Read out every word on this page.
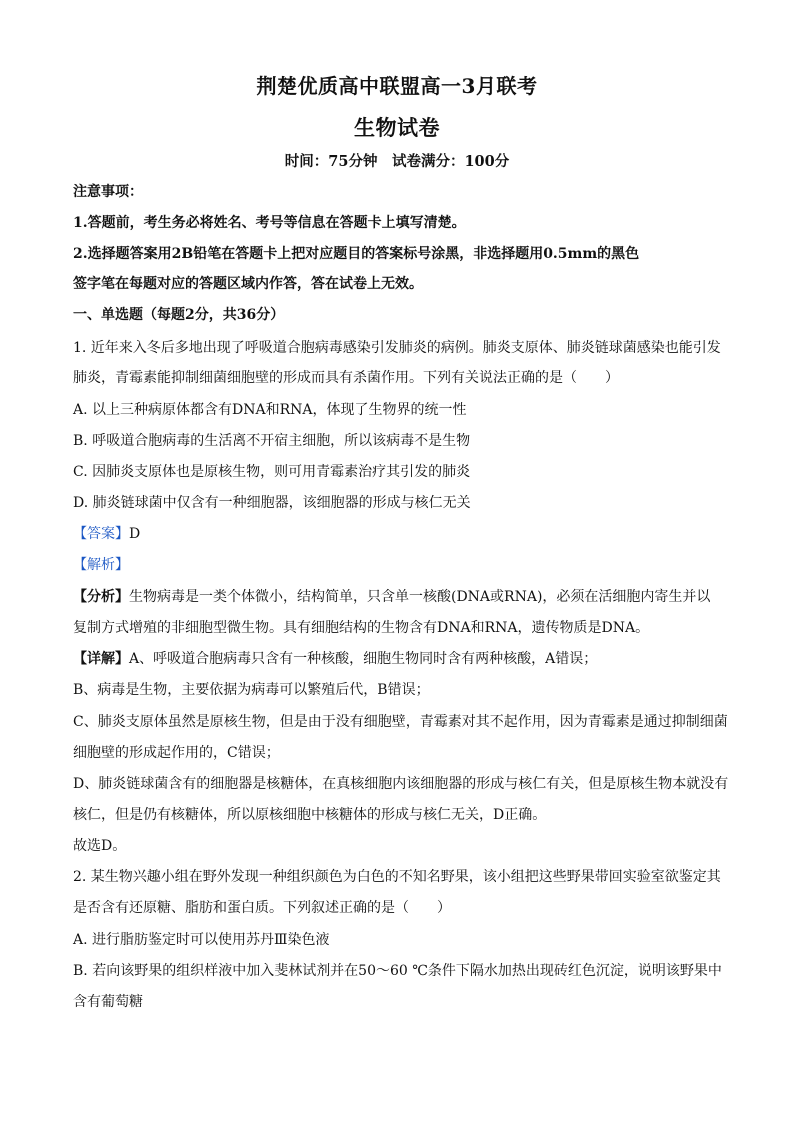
荆楚优质高中联盟高一3月联考
生物试卷
时间：75分钟　试卷满分：100分
注意事项：
1.答题前，考生务必将姓名、考号等信息在答题卡上填写清楚。
2.选择题答案用2B铅笔在答题卡上把对应题目的答案标号涂黑，非选择题用0.5mm的黑色
签字笔在每题对应的答题区域内作答，答在试卷上无效。
一、单选题（每题2分，共36分）
1. 近年来入冬后多地出现了呼吸道合胞病毒感染引发肺炎的病例。肺炎支原体、肺炎链球菌感染也能引发
肺炎，青霉素能抑制细菌细胞壁的形成而具有杀菌作用。下列有关说法正确的是（　　）
A. 以上三种病原体都含有DNA和RNA，体现了生物界的统一性
B. 呼吸道合胞病毒的生活离不开宿主细胞，所以该病毒不是生物
C. 因肺炎支原体也是原核生物，则可用青霉素治疗其引发的肺炎
D. 肺炎链球菌中仅含有一种细胞器，该细胞器的形成与核仁无关
【答案】D
【解析】
【分析】生物病毒是一类个体微小，结构简单，只含单一核酸(DNA或RNA)，必须在活细胞内寄生并以
复制方式增殖的非细胞型微生物。具有细胞结构的生物含有DNA和RNA，遗传物质是DNA。
【详解】A、呼吸道合胞病毒只含有一种核酸，细胞生物同时含有两种核酸，A错误；
B、病毒是生物，主要依据为病毒可以繁殖后代，B错误；
C、肺炎支原体虽然是原核生物，但是由于没有细胞壁，青霉素对其不起作用，因为青霉素是通过抑制细菌
细胞壁的形成起作用的，C错误；
D、肺炎链球菌含有的细胞器是核糖体，在真核细胞内该细胞器的形成与核仁有关，但是原核生物本就没有
核仁，但是仍有核糖体，所以原核细胞中核糖体的形成与核仁无关，D正确。
故选D。
2. 某生物兴趣小组在野外发现一种组织颜色为白色的不知名野果，该小组把这些野果带回实验室欲鉴定其
是否含有还原糖、脂肪和蛋白质。下列叙述正确的是（　　）
A. 进行脂肪鉴定时可以使用苏丹Ⅲ染色液
B. 若向该野果的组织样液中加入斐林试剂并在50～60 ℃条件下隔水加热出现砖红色沉淀，说明该野果中
含有葡萄糖
